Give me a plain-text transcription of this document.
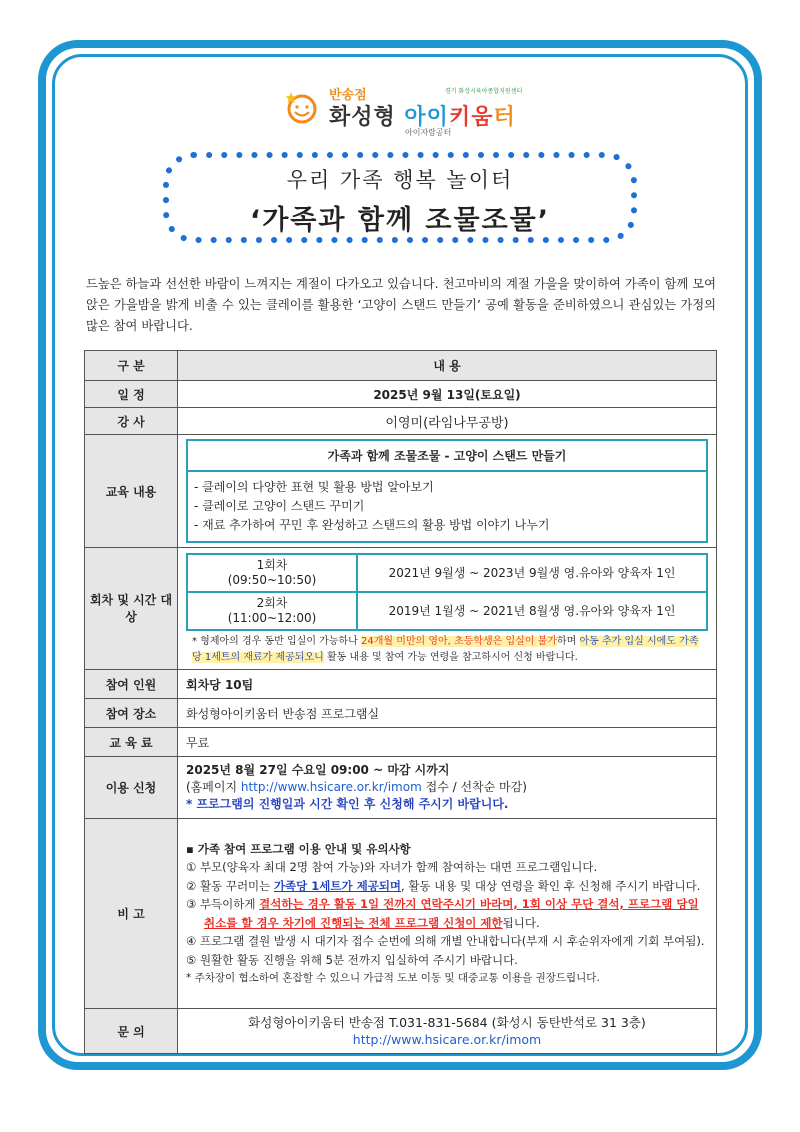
반송점	경기 화성시육아종합지원센터
화성형 아이키움터
아이자람공터
우리 가족 행복 놀이터
‘가족과 함께 조물조물’
드높은 하늘과 선선한 바람이 느껴지는 계절이 다가오고 있습니다. 천고마비의 계절 가을을 맞이하여 가족이 함께 모여 앉은 가을밤을 밝게 비출 수 있는 클레이를 활용한 ‘고양이 스탠드 만들기’ 공예 활동을 준비하였으니 관심있는 가정의 많은 참여 바랍니다.
구 분	내 용
일 정	2025년 9월 13일(토요일)
강 사	이영미(라임나무공방)
교육 내용	
가족과 함께 조물조물 - 고양이 스탠드 만들기
- 클레이의 다양한 표현 및 활용 방법 알아보기
- 클레이로 고양이 스탠드 꾸미기
- 재료 추가하여 꾸민 후 완성하고 스탠드의 활용 방법 이야기 나누기

회차 및 시간 대상	
1회차
(09:50~10:50)	2021년 9월생 ~ 2023년 9월생 영.유아와 양육자 1인

2회차
(11:00~12:00)	2019년 1월생 ~ 2021년 8월생 영.유아와 양육자 1인
* 형제아의 경우 동반 입실이 가능하나 24개월 미만의 영아, 초등학생은 입실이 불가하며 아동 추가 입실 시에도 가족당 1세트의 재료가 제공되오니 활동 내용 및 참여 가능 연령을 참고하시어 신청 바랍니다.

참여 인원	회차당 10팀
참여 장소	화성형아이키움터 반송점 프로그램실
교 육 료	무료
이용 신청	
2025년 8월 27일 수요일 09:00 ~ 마감 시까지
(홈페이지 http://www.hsicare.or.kr/imom 접수 / 선착순 마감)
* 프로그램의 진행일과 시간 확인 후 신청해 주시기 바랍니다.

비 고	
▪ 가족 참여 프로그램 이용 안내 및 유의사항
① 부모(양육자 최대 2명 참여 가능)와 자녀가 함께 참여하는 대면 프로그램입니다.
② 활동 꾸러미는 가족당 1세트가 제공되며, 활동 내용 및 대상 연령을 확인 후 신청해 주시기 바랍니다.
③ 부득이하게 결석하는 경우 활동 1일 전까지 연락주시기 바라며, 1회 이상 무단 결석, 프로그램 당일 취소를 할 경우 차기에 진행되는 전체 프로그램 신청이 제한됩니다.
④ 프로그램 결원 발생 시 대기자 접수 순번에 의해 개별 안내합니다(부재 시 후순위자에게 기회 부여됨).
⑤ 원활한 활동 진행을 위해 5분 전까지 입실하여 주시기 바랍니다.
* 주차장이 협소하여 혼잡할 수 있으니 가급적 도보 이동 및 대중교통 이용을 권장드립니다.

문 의	
화성형아이키움터 반송점 T.031-831-5684 (화성시 동탄반석로 31 3층)
http://www.hsicare.or.kr/imom
